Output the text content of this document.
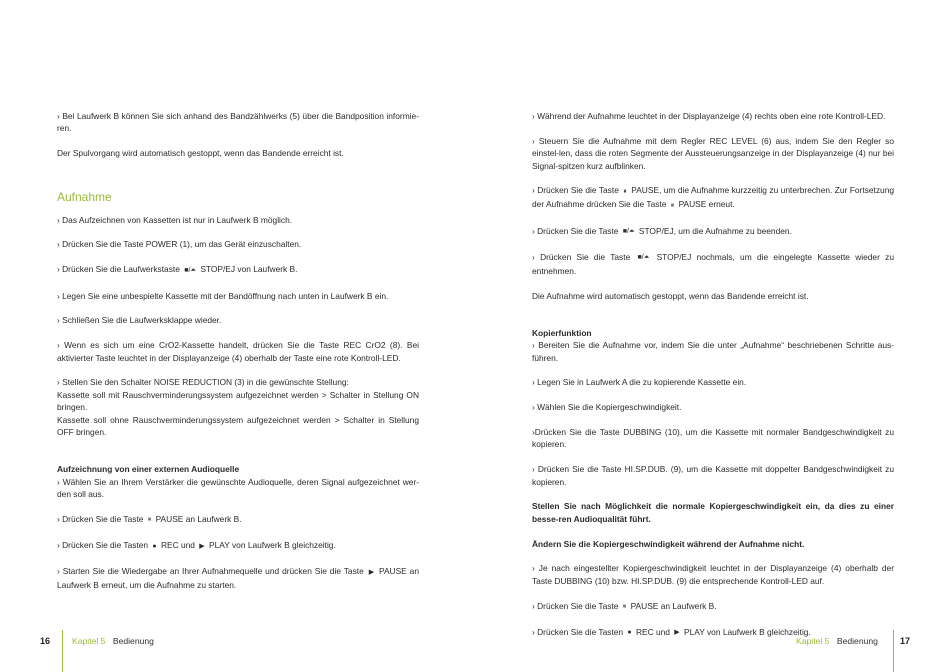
› Bei Laufwerk B können Sie sich anhand des Bandzählwerks (5) über die Bandposition informie-ren.

Der Spulvorgang wird automatisch gestoppt, wenn das Bandende erreicht ist.

Aufnahme

› Das Aufzeichnen von Kassetten ist nur in Laufwerk B möglich.

› Drücken Sie die Taste POWER (1), um das Gerät einzuschalten.

› Drücken Sie die Laufwerkstaste ■/⏶ STOP/EJ von Laufwerk B.

› Legen Sie eine unbespielte Kassette mit der Bandöffnung nach unten in Laufwerk B ein.

› Schließen Sie die Laufwerksklappe wieder.

› Wenn es sich um eine CrO2-Kassette handelt, drücken Sie die Taste REC CrO2 (8). Bei aktivierter Taste leuchtet in der Displayanzeige (4) oberhalb der Taste eine rote Kontroll-LED.

› Stellen Sie den Schalter NOISE REDUCTION (3) in die gewünschte Stellung:

Kassette soll mit Rauschverminderungssystem aufgezeichnet werden > Schalter in Stellung ON bringen.

Kassette soll ohne Rauschverminderungssystem aufgezeichnet werden > Schalter in Stellung OFF bringen.

Aufzeichnung von einer externen Audioquelle

› Wählen Sie an Ihrem Verstärker die gewünschte Audioquelle, deren Signal aufgezeichnet wer-den soll aus.

› Drücken Sie die Taste ⏸ PAUSE an Laufwerk B.

› Drücken Sie die Tasten ● REC und ▶ PLAY von Laufwerk B gleichzeitig.

› Starten Sie die Wiedergabe an Ihrer Aufnahmequelle und drücken Sie die Taste ▶ PAUSE an Laufwerk B erneut, um die Aufnahme zu starten.

› Während der Aufnahme leuchtet in der Displayanzeige (4) rechts oben eine rote Kontroll-LED.

› Steuern Sie die Aufnahme mit dem Regler REC LEVEL (6) aus, indem Sie den Regler so einstel-len, dass die roten Segmente der Aussteuerungsanzeige in der Displayanzeige (4) nur bei Signal-spitzen kurz aufblinken.

› Drücken Sie die Taste ⏸ PAUSE, um die Aufnahme kurzzeitig zu unterbrechen. Zur Fortsetzung der Aufnahme drücken Sie die Taste ⏸ PAUSE erneut.

› Drücken Sie die Taste ■/⏶ STOP/EJ, um die Aufnahme zu beenden.

› Drücken Sie die Taste ■/⏶ STOP/EJ nochmals, um die eingelegte Kassette wieder zu entnehmen.

Die Aufnahme wird automatisch gestoppt, wenn das Bandende erreicht ist.

Kopierfunktion

› Bereiten Sie die Aufnahme vor, indem Sie die unter „Aufnahme“ beschriebenen Schritte aus-führen.

› Legen Sie in Laufwerk A die zu kopierende Kassette ein.

› Wählen Sie die Kopiergeschwindigkeit.

›Drücken Sie die Taste DUBBING (10), um die Kassette mit normaler Bandgeschwindigkeit zu kopieren.

› Drücken Sie die Taste HI.SP.DUB. (9), um die Kassette mit doppelter Bandgeschwindigkeit zu kopieren.

Stellen Sie nach Möglichkeit die normale Kopiergeschwindigkeit ein, da dies zu einer besse-ren Audioqualität führt.

Ändern Sie die Kopiergeschwindigkeit während der Aufnahme nicht.

› Je nach eingestellter Kopiergeschwindigkeit leuchtet in der Displayanzeige (4) oberhalb der Taste DUBBING (10) bzw. HI.SP.DUB. (9) die entsprechende Kontroll-LED auf.

› Drücken Sie die Taste ⏸ PAUSE an Laufwerk B.

› Drücken Sie die Tasten ● REC und ▶ PLAY von Laufwerk B gleichzeitig.

16	Kapitel 5 Bedienung	Kapitel 5 Bedienung 17
